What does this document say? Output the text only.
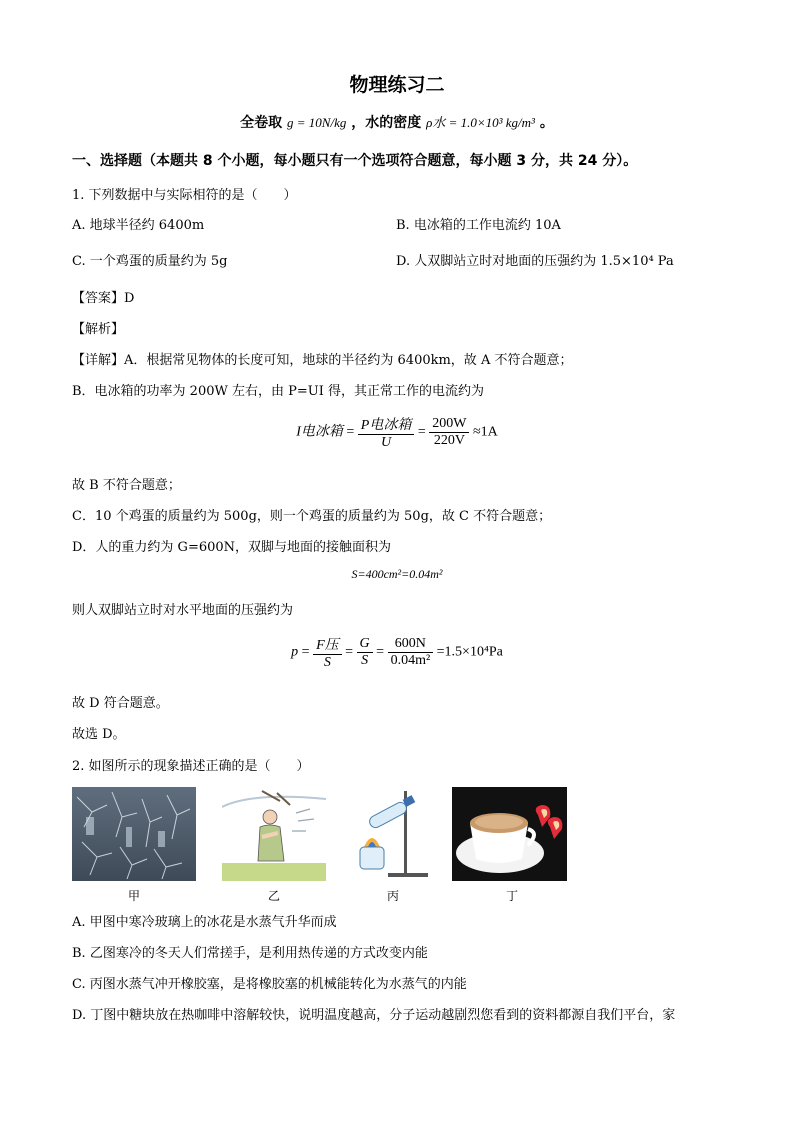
物理练习二
全卷取 g = 10N/kg ，水的密度 ρ水 = 1.0×10³ kg/m³ 。
一、选择题（本题共 8 个小题，每小题只有一个选项符合题意，每小题 3 分，共 24 分）。
1. 下列数据中与实际相符的是（　　）
A. 地球半径约 6400m	B. 电冰箱的工作电流约 10A
C. 一个鸡蛋的质量约为 5g	D. 人双脚站立时对地面的压强约为 1.5×10⁴ Pa
【答案】D
【解析】
【详解】A．根据常见物体的长度可知，地球的半径约为 6400km，故 A 不符合题意；
B．电冰箱的功率为 200W 左右，由 P=UI 得，其正常工作的电流约为
I电冰箱 = $\frac{\text{P电冰箱}}{U} = \frac{200W}{220V} \approx 1A$
故 B 不符合题意；
C．10 个鸡蛋的质量约为 500g，则一个鸡蛋的质量约为 50g，故 C 不符合题意；
D．人的重力约为 G=600N，双脚与地面的接触面积为
S=400cm²=0.04m²
则人双脚站立时对水平地面的压强约为
$p = \frac{\text{F压}}{S} = \frac{G}{S} = \frac{600N}{\text{0.04m²}} =1.5\times 10^4Pa$
故 D 符合题意。
故选 D。
2. 如图所示的现象描述正确的是（　　）
甲	乙	丙	丁
A. 甲图中寒冷玻璃上的冰花是水蒸气升华而成
B. 乙图寒冷的冬天人们常搓手，是利用热传递的方式改变内能
C. 丙图水蒸气冲开橡胶塞，是将橡胶塞的机械能转化为水蒸气的内能
D. 丁图中糖块放在热咖啡中溶解较快，说明温度越高，分子运动越剧烈您看到的资料都源自我们平台，家
